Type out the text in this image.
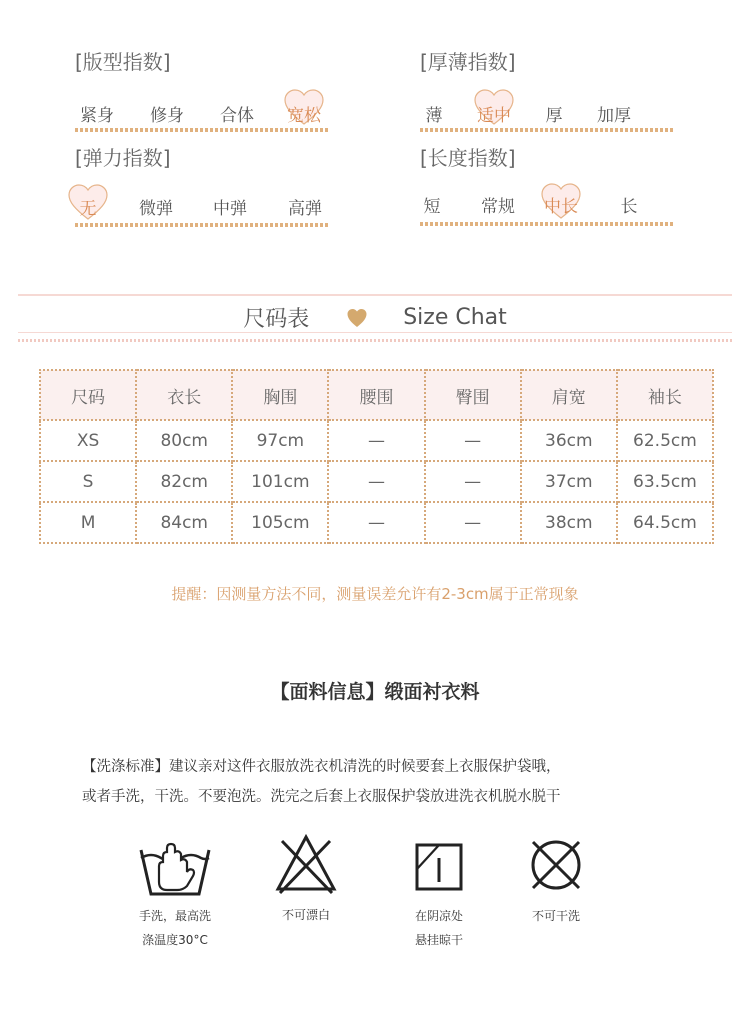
[版型指数]
紧身 修身 合体 宽松
[厚薄指数]
薄 适中 厚 加厚
[弹力指数]
无	微弹 中弹 高弹
[长度指数]
短 常规 中长	长
尺码表	Size Chat
尺码	衣长	胸围	腰围	臀围	肩宽	袖长
XS	80cm	97cm	—	—	36cm	62.5cm
S	82cm	101cm	—	—	37cm	63.5cm
M	84cm	105cm	—	—	38cm	64.5cm
提醒：因测量方法不同，测量误差允许有2-3cm属于正常现象
【面料信息】缎面衬衣料
【洗涤标准】建议亲对这件衣服放洗衣机清洗的时候要套上衣服保护袋哦，
或者手洗，干洗。不要泡洗。洗完之后套上衣服保护袋放进洗衣机脱水脱干
手洗，最高洗
涤温度30°C
不可漂白	在阴凉处
悬挂晾干
不可干洗
